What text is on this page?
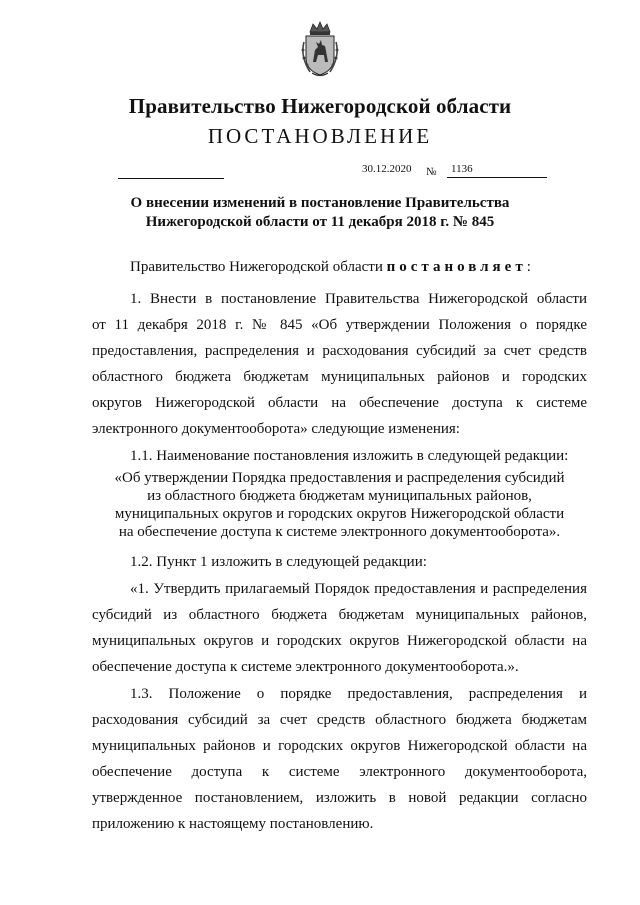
Правительство Нижегородской области
ПОСТАНОВЛЕНИЕ
30.12.2020 №	1136
О внесении изменений в постановление Правительства
Нижегородской области от 11 декабря 2018 г. № 845
Правительство Нижегородской области постановляет:
1. Внести в постановление Правительства Нижегородской области
от 11 декабря 2018 г. № 845 «Об утверждении Положения о порядке
предоставления, распределения и расходования субсидий за счет средств
областного бюджета бюджетам муниципальных районов и городских
округов Нижегородской области на обеспечение доступа к системе
электронного документооборота» следующие изменения:
1.1. Наименование постановления изложить в следующей редакции:
«Об утверждении Порядка предоставления и распределения субсидий
из областного бюджета бюджетам муниципальных районов,
муниципальных округов и городских округов Нижегородской области
на обеспечение доступа к системе электронного документооборота».
1.2. Пункт 1 изложить в следующей редакции:
«1. Утвердить прилагаемый Порядок предоставления и распределения
субсидий из областного бюджета бюджетам муниципальных районов,
муниципальных округов и городских округов Нижегородской области на
обеспечение доступа к системе электронного документооборота.».
1.3. Положение о порядке предоставления, распределения и
расходования субсидий за счет средств областного бюджета бюджетам
муниципальных районов и городских округов Нижегородской области на
обеспечение доступа к системе электронного документооборота,
утвержденное постановлением, изложить в новой редакции согласно
приложению к настоящему постановлению.
